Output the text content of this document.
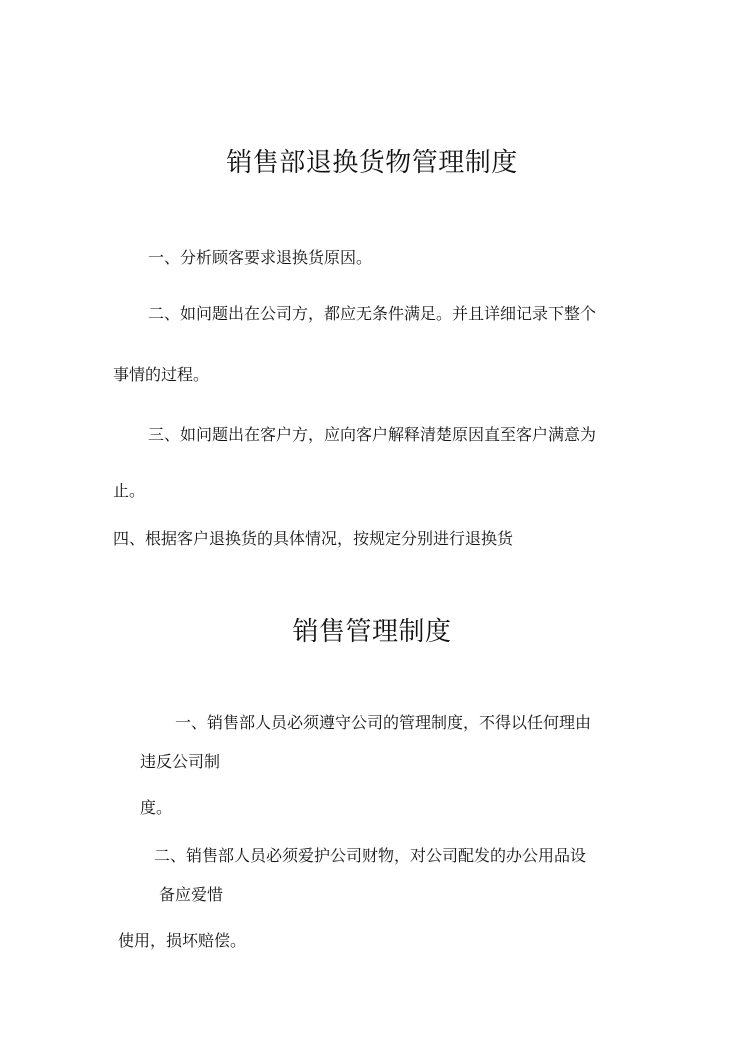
销售部退换货物管理制度

一、分析顾客要求退换货原因。

二、如问题出在公司方，都应无条件满足。并且详细记录下整个

事情的过程。

三、如问题出在客户方，应向客户解释清楚原因直至客户满意为

止。

四、根据客户退换货的具体情况，按规定分别进行退换货

销售管理制度

一、销售部人员必须遵守公司的管理制度，不得以任何理由

违反公司制

度。

二、销售部人员必须爱护公司财物，对公司配发的办公用品设

备应爱惜

使用，损坏赔偿。
